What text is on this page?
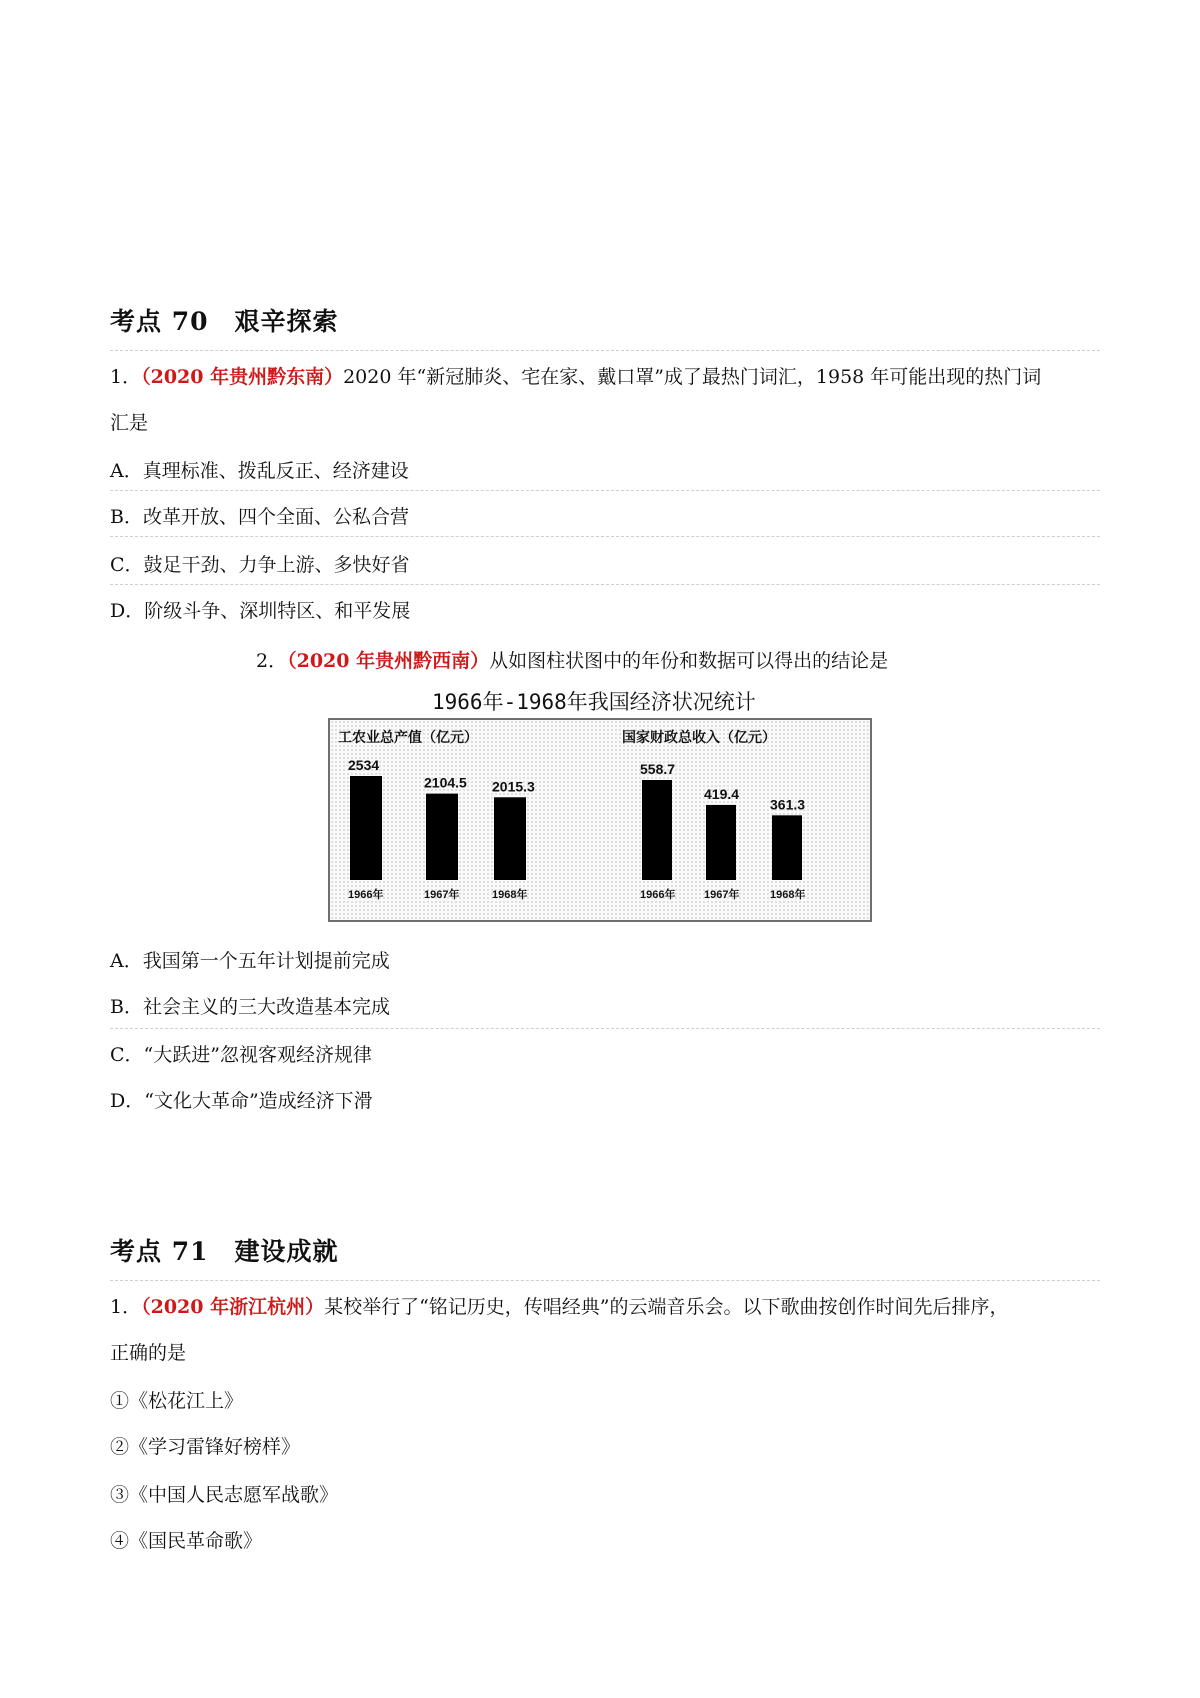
考点 70　艰辛探索
1．（2020 年贵州黔东南）2020 年“新冠肺炎、宅在家、戴口罩”成了最热门词汇，1958 年可能出现的热门词
汇是
A．真理标准、拨乱反正、经济建设
B．改革开放、四个全面、公私合营
C．鼓足干劲、力争上游、多快好省
D．阶级斗争、深圳特区、和平发展
2．（2020 年贵州黔西南）从如图柱状图中的年份和数据可以得出的结论是
1966年-1968年我国经济状况统计
工农业总产值（亿元）
2534
1966年
2104.5
1967年
2015.3
1968年
国家财政总收入（亿元）
558.7
1966年
419.4
1967年
361.3
1968年
A．我国第一个五年计划提前完成
B．社会主义的三大改造基本完成
C．“大跃进”忽视客观经济规律
D．“文化大革命”造成经济下滑
考点 71　建设成就
1．（2020 年浙江杭州）某校举行了“铭记历史，传唱经典”的云端音乐会。以下歌曲按创作时间先后排序，
正确的是
①《松花江上》
②《学习雷锋好榜样》
③《中国人民志愿军战歌》
④《国民革命歌》
